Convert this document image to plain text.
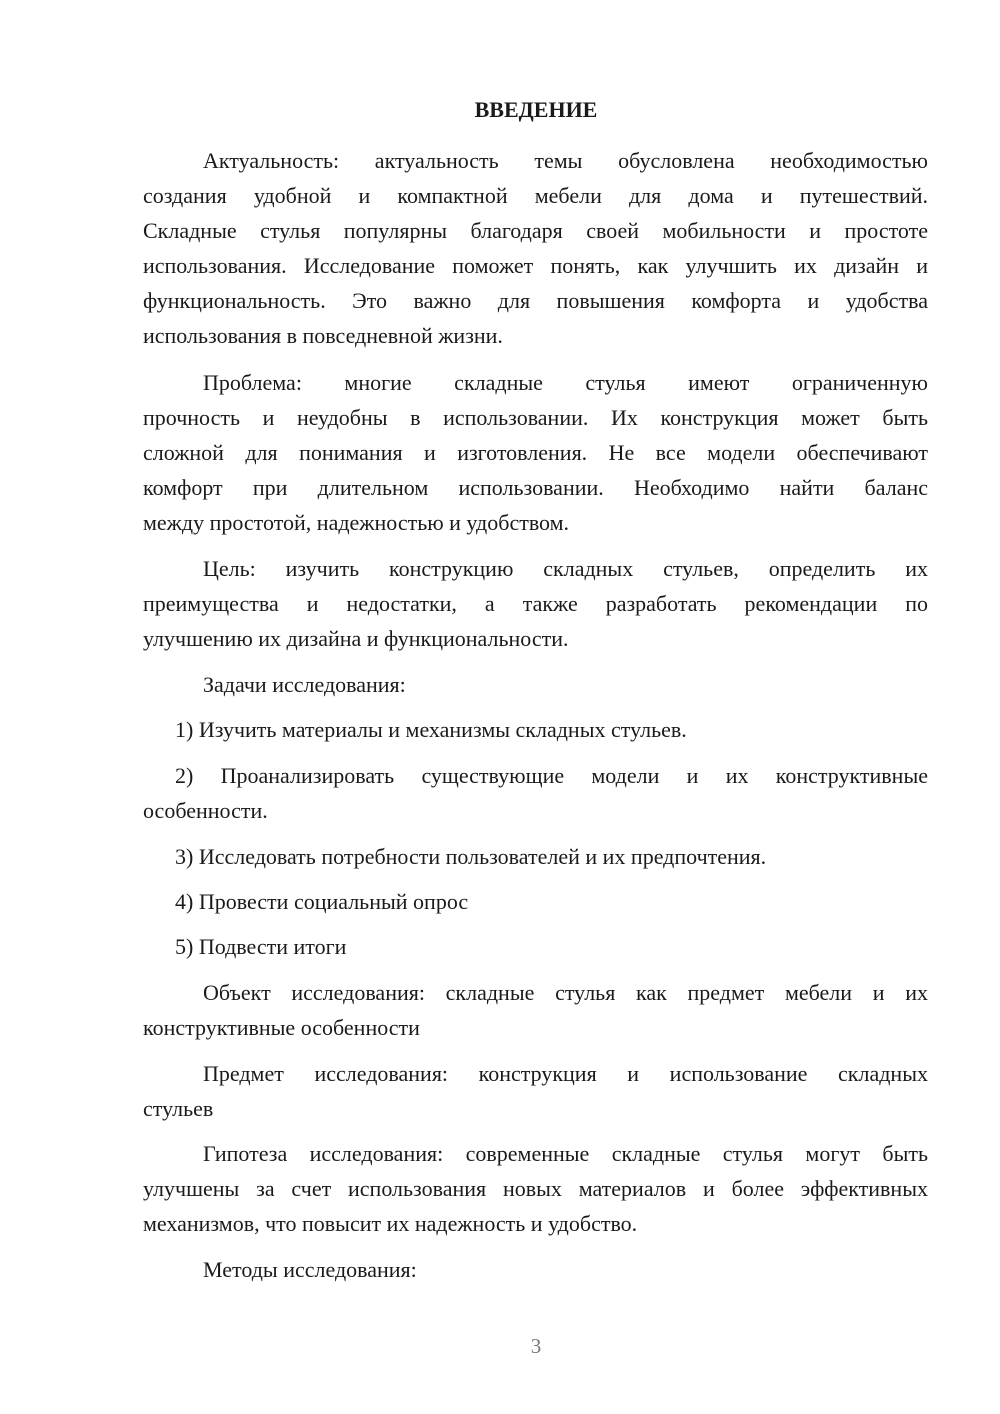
ВВЕДЕНИЕ
Актуальность: актуальность темы обусловлена необходимостью
создания удобной и компактной мебели для дома и путешествий.
Складные стулья популярны благодаря своей мобильности и простоте
использования. Исследование поможет понять, как улучшить их дизайн и
функциональность. Это важно для повышения комфорта и удобства
использования в повседневной жизни.
Проблема: многие складные стулья имеют ограниченную
прочность и неудобны в использовании. Их конструкция может быть
сложной для понимания и изготовления. Не все модели обеспечивают
комфорт при длительном использовании. Необходимо найти баланс
между простотой, надежностью и удобством.
Цель: изучить конструкцию складных стульев, определить их
преимущества и недостатки, а также разработать рекомендации по
улучшению их дизайна и функциональности.
Задачи исследования:
1) Изучить материалы и механизмы складных стульев.
2) Проанализировать существующие модели и их конструктивные
особенности.
3) Исследовать потребности пользователей и их предпочтения.
4) Провести социальный опрос
5) Подвести итоги
Объект исследования: складные стулья как предмет мебели и их
конструктивные особенности
Предмет исследования: конструкция и использование складных
стульев
Гипотеза исследования: современные складные стулья могут быть
улучшены за счет использования новых материалов и более эффективных
механизмов, что повысит их надежность и удобство.
Методы исследования:
3
